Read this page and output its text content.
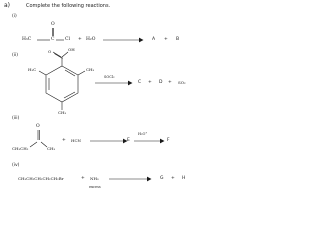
a)	Complete the following reactions.
(i)
O
H₃C	C Cl + H₂O	A + B
(ii)
OH
O
H₃C	CH₃
CH₃
SOCl₂
C + D + SO₂
(iii)
O
CH₃CH₂	CH₃
+ HCN	E
H₃O⁺
F
(iv)
CH₃CH₂CH₂CH₂CH₂Br	+ NH₃
excess
G + H
